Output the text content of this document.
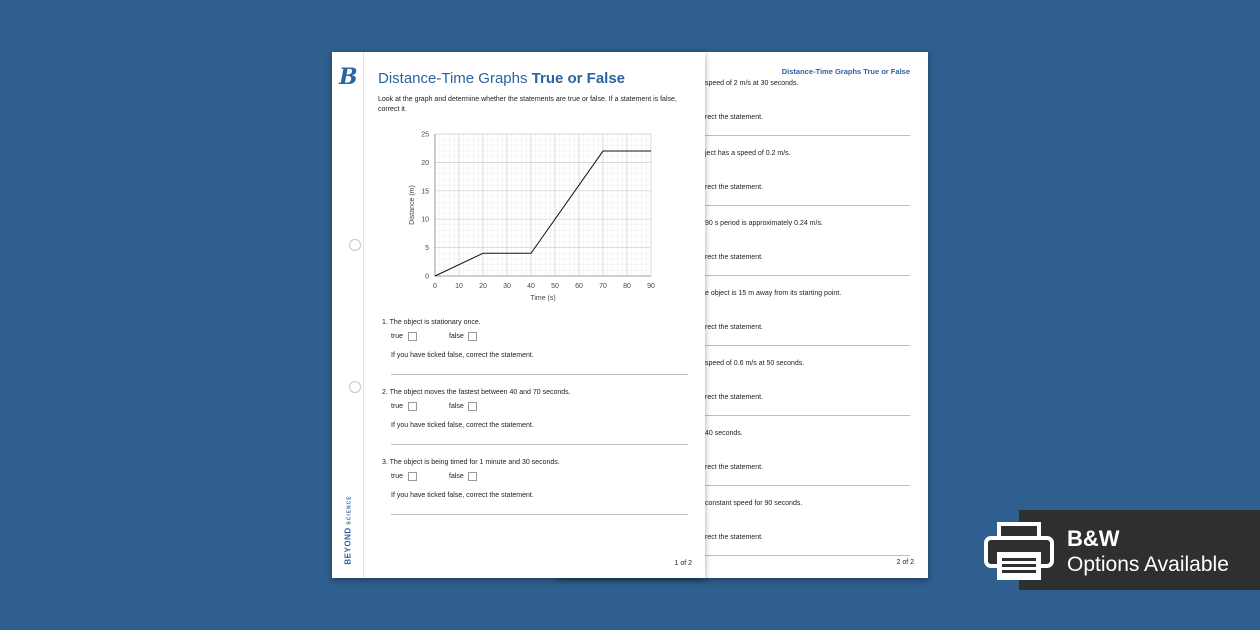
Distance-Time Graphs True or False
speed of 2 m/s at 30 seconds.
rect the statement.
ject has a speed of 0.2 m/s.
rect the statement.
90 s period is approximately 0.24 m/s.
rect the statement.
e object is 15 m away from its starting point.
rect the statement.
speed of 0.6 m/s at 50 seconds.
rect the statement.
40 seconds.
rect the statement.
constant speed for 90 seconds.
rect the statement.
2 of 2
B
BEYOND SCIENCE
Distance-Time Graphs True or False
Look at the graph and determine whether the statements are true or false. If a statement is false, correct it.
0	10 20 30 40 50 60 70 80 90
0
5
10
15
20
25
Time (s)
Distance (m)
1. The object is stationary once.
true	false
If you have ticked false, correct the statement.
2. The object moves the fastest between 40 and 70 seconds.
true	false
If you have ticked false, correct the statement.
3. The object is being timed for 1 minute and 30 seconds.
true	false
If you have ticked false, correct the statement.
1 of 2
B&W
Options Available
